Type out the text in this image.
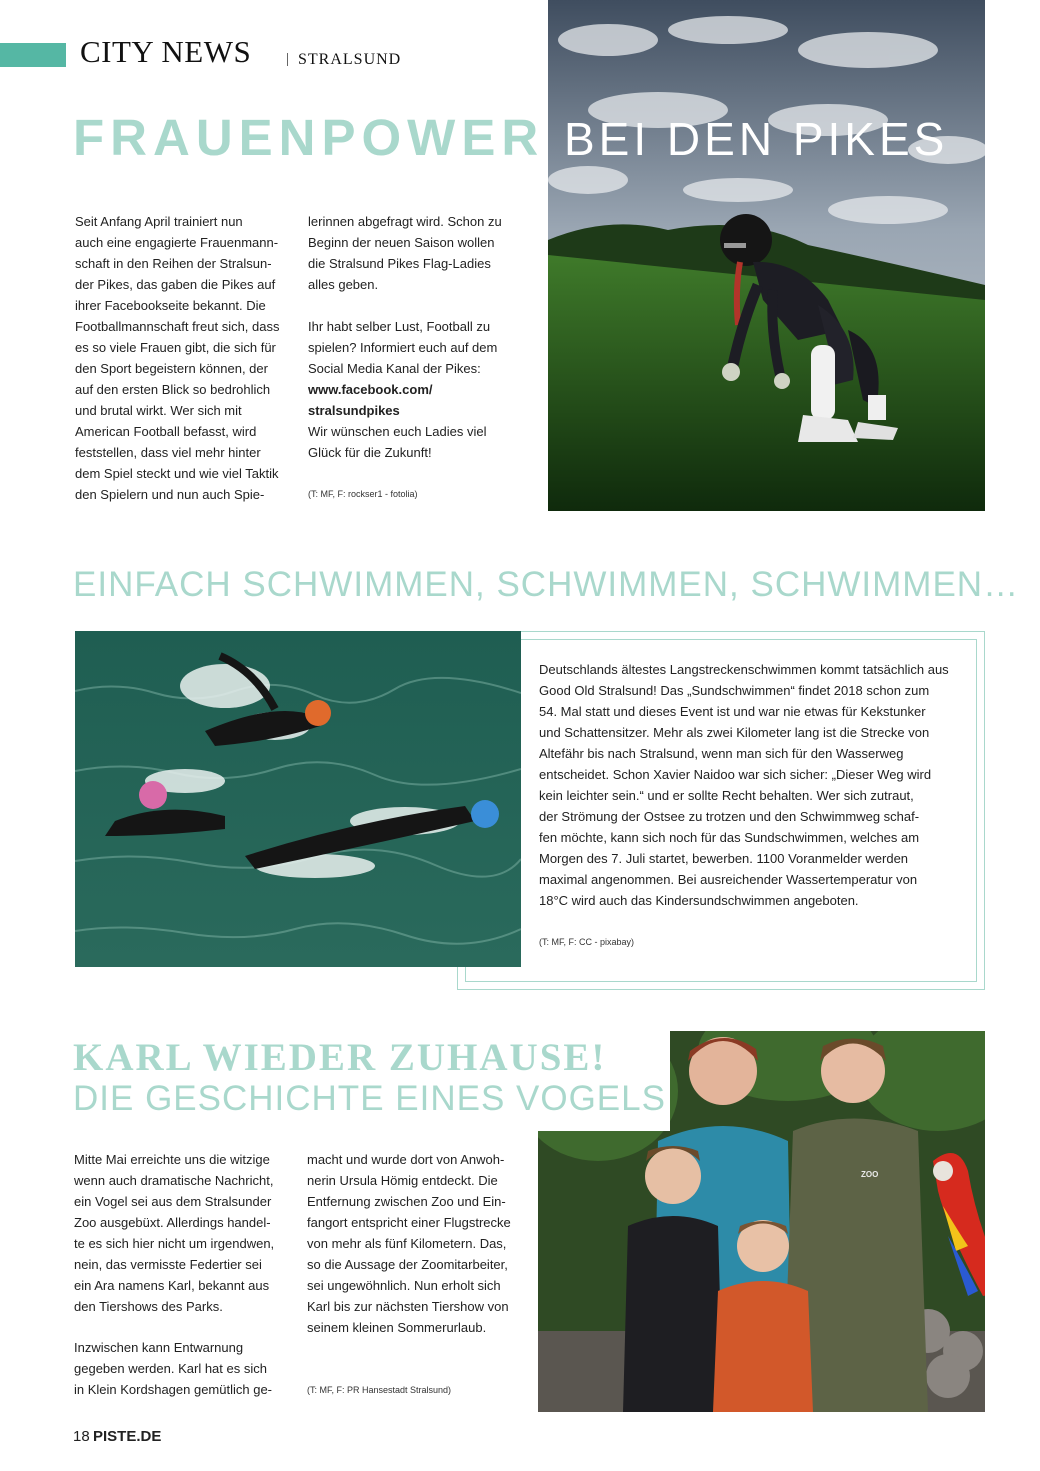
CITY NEWS | STRALSUND
FRAUENPOWER BEI DEN PIKES
Seit Anfang April trainiert nun
auch eine engagierte Frauenmann-
schaft in den Reihen der Stralsun-
der Pikes, das gaben die Pikes auf
ihrer Facebookseite bekannt. Die
Footballmannschaft freut sich, dass
es so viele Frauen gibt, die sich für
den Sport begeistern können, der
auf den ersten Blick so bedrohlich
und brutal wirkt. Wer sich mit
American Football befasst, wird
feststellen, dass viel mehr hinter
dem Spiel steckt und wie viel Taktik
den Spielern und nun auch Spie-
lerinnen abgefragt wird. Schon zu
Beginn der neuen Saison wollen
die Stralsund Pikes Flag-Ladies
alles geben.
Ihr habt selber Lust, Football zu
spielen? Informiert euch auf dem
Social Media Kanal der Pikes:
www.facebook.com/
stralsundpikes
Wir wünschen euch Ladies viel
Glück für die Zukunft!
(T: MF, F: rockser1 - fotolia)
EINFACH SCHWIMMEN, SCHWIMMEN, SCHWIMMEN…
Deutschlands ältestes Langstreckenschwimmen kommt tatsächlich aus
Good Old Stralsund! Das „Sundschwimmen“ findet 2018 schon zum
54. Mal statt und dieses Event ist und war nie etwas für Kekstunker
und Schattensitzer. Mehr als zwei Kilometer lang ist die Strecke von
Altefähr bis nach Stralsund, wenn man sich für den Wasserweg
entscheidet. Schon Xavier Naidoo war sich sicher: „Dieser Weg wird
kein leichter sein.“ und er sollte Recht behalten. Wer sich zutraut,
der Strömung der Ostsee zu trotzen und den Schwimmweg schaf-
fen möchte, kann sich noch für das Sundschwimmen, welches am
Morgen des 7. Juli startet, bewerben. 1100 Voranmelder werden
maximal angenommen. Bei ausreichender Wassertemperatur von
18°C wird auch das Kindersundschwimmen angeboten.
(T: MF, F: CC - pixabay)
ZOO
KARL WIEDER ZUHAUSE!
DIE GESCHICHTE EINES VOGELS
Mitte Mai erreichte uns die witzige
wenn auch dramatische Nachricht,
ein Vogel sei aus dem Stralsunder
Zoo ausgebüxt. Allerdings handel-
te es sich hier nicht um irgendwen,
nein, das vermisste Federtier sei
ein Ara namens Karl, bekannt aus
den Tiershows des Parks.
Inzwischen kann Entwarnung
gegeben werden. Karl hat es sich
in Klein Kordshagen gemütlich ge-
macht und wurde dort von Anwoh-
nerin Ursula Hömig entdeckt. Die
Entfernung zwischen Zoo und Ein-
fangort entspricht einer Flugstrecke
von mehr als fünf Kilometern. Das,
so die Aussage der Zoomitarbeiter,
sei ungewöhnlich. Nun erholt sich
Karl bis zur nächsten Tiershow von
seinem kleinen Sommerurlaub.
(T: MF, F: PR Hansestadt Stralsund)
18 PISTE.DE
